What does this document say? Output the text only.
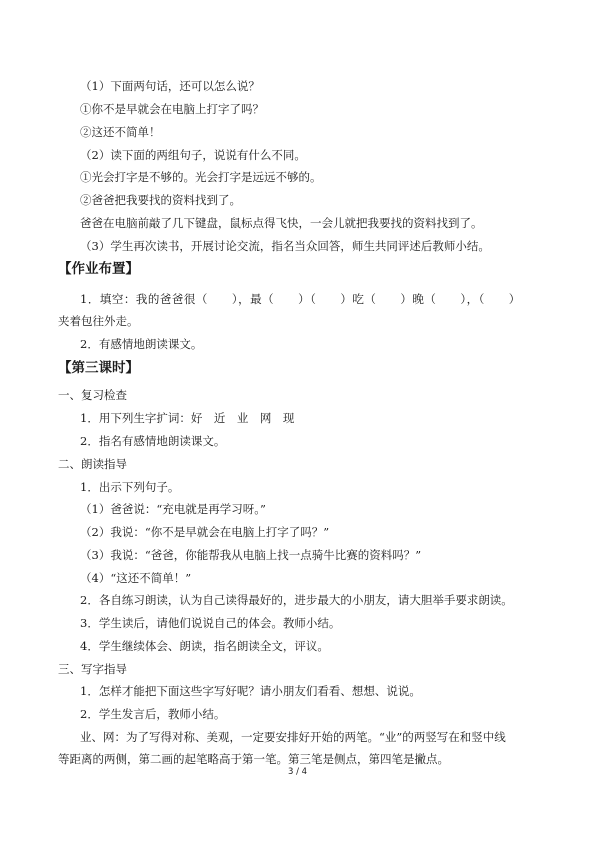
（1）下面两句话，还可以怎么说？
①你不是早就会在电脑上打字了吗？
②这还不简单！
（2）读下面的两组句子，说说有什么不同。
①光会打字是不够的。光会打字是远远不够的。
②爸爸把我要找的资料找到了。
爸爸在电脑前敲了几下键盘，鼠标点得飞快，一会儿就把我要找的资料找到了。
（3）学生再次读书，开展讨论交流，指名当众回答，师生共同评述后教师小结。
【作业布置】
1．填空：我的爸爸很（　　），最（　　）（　　）吃（　　）晚（　　），（　　）
夹着包往外走。
2．有感情地朗读课文。
【第三课时】
一、复习检查
1．用下列生字扩词：好　近　业　网　现
2．指名有感情地朗读课文。
二、朗读指导
1．出示下列句子。
（1）爸爸说：“充电就是再学习呀。”
（2）我说：“你不是早就会在电脑上打字了吗？”
（3）我说：“爸爸，你能帮我从电脑上找一点骑牛比赛的资料吗？”
（4）“这还不简单！”
2．各自练习朗读，认为自己读得最好的，进步最大的小朋友，请大胆举手要求朗读。
3．学生读后，请他们说说自己的体会。教师小结。
4．学生继续体会、朗读，指名朗读全文，评议。
三、写字指导
1．怎样才能把下面这些字写好呢？请小朋友们看看、想想、说说。
2．学生发言后，教师小结。
业、网：为了写得对称、美观，一定要安排好开始的两笔。“业”的两竖写在和竖中线
等距离的两侧，第二画的起笔略高于第一笔。第三笔是侧点，第四笔是撇点。
3 / 4
